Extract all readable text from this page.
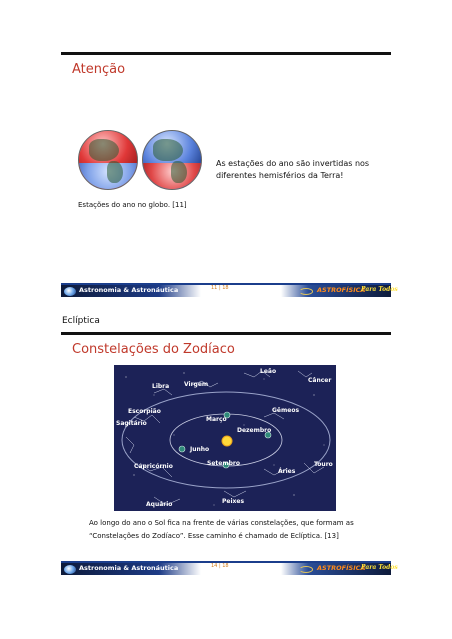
Atenção
Estações do ano no globo. [11]
As estações do ano são invertidas nos
diferentes hemisférios da Terra!
Astronomia & Astronáutica	11 | 18	ASTROFÍSICA
Para Todos
Eclíptica
Constelações do Zodíaco
Leão
Câncer
Libra Virgem
Escorpião	Gêmeos
Março
Dezembro
Sagitário
Junho
Setembro	Touro
Capricórnio
Áries
Aquário	Peixes
Ao longo do ano o Sol fica na frente de várias constelações, que formam as
“Constelações do Zodíaco”. Esse caminho é chamado de Eclíptica. [13]
Astronomia & Astronáutica	14 | 18	ASTROFÍSICA
Para Todos
